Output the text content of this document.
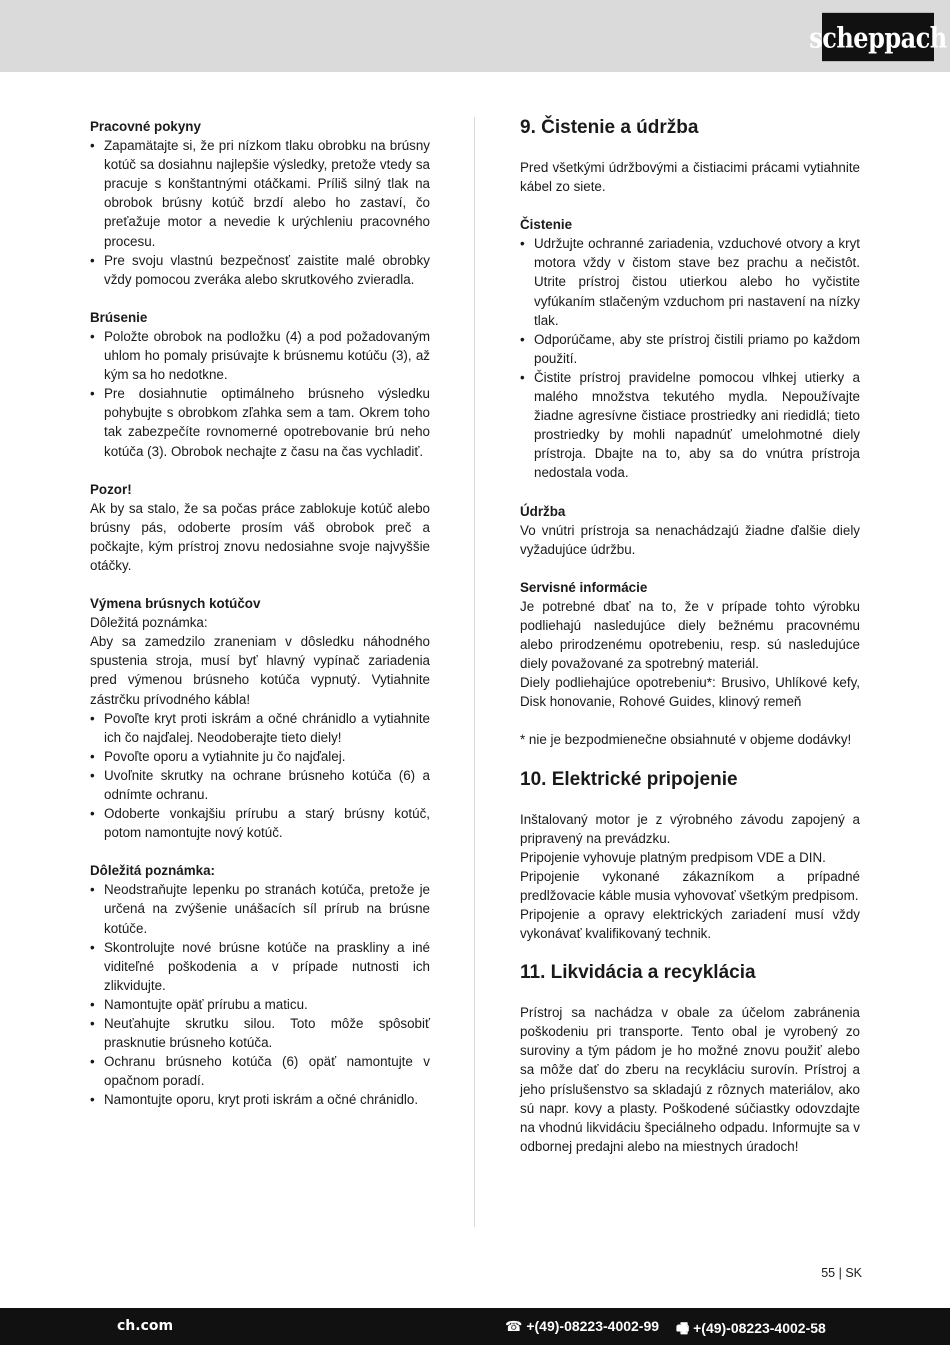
scheppach
Pracovné pokyny
• Zapamätajte si, že pri nízkom tlaku obrobku na brúsny kotúč sa dosiahnu najlepšie výsledky, pretože vtedy sa pracuje s konštantnými otáčkami. Príliš silný tlak na obrobok brúsny kotúč brzdí alebo ho zastaví, čo preťažuje motor a nevedie k urýchleniu pracovného procesu.
• Pre svoju vlastnú bezpečnosť zaistite malé obrobky vždy pomocou zveráka alebo skrutkového zvieradla.
Brúsenie
• Položte obrobok na podložku (4) a pod požadovaným uhlom ho pomaly prisúvajte k brúsnemu kotúču (3), až kým sa ho nedotkne.
• Pre dosiahnutie optimálneho brúsneho výsledku pohybujte s obrobkom zľahka sem a tam. Okrem toho tak zabezpečíte rovnomerné opotrebovanie brú neho kotúča (3). Obrobok nechajte z času na čas vychladiť.
Pozor!

Ak by sa stalo, že sa počas práce zablokuje kotúč alebo brúsny pás, odoberte prosím váš obrobok preč a počkajte, kým prístroj znovu nedosiahne svoje najvyššie otáčky.

Výmena brúsnych kotúčov

Dôležitá poznámka:

Aby sa zamedzilo zraneniam v dôsledku náhodného spustenia stroja, musí byť hlavný vypínač zariadenia pred výmenou brúsneho kotúča vypnutý. Vytiahnite zástrčku prívodného kábla!

• Povoľte kryt proti iskrám a očné chránidlo a vytiahnite ich čo najďalej. Neodoberajte tieto diely!
• Povoľte oporu a vytiahnite ju čo najďalej.
• Uvoľnite skrutky na ochrane brúsneho kotúča (6) a odnímte ochranu.
• Odoberte vonkajšiu prírubu a starý brúsny kotúč, potom namontujte nový kotúč.
Dôležitá poznámka:
• Neodstraňujte lepenku po stranách kotúča, pretože je určená na zvýšenie unášacích síl prírub na brúsne kotúče.
• Skontrolujte nové brúsne kotúče na praskliny a iné viditeľné poškodenia a v prípade nutnosti ich zlikvidujte.
• Namontujte opäť prírubu a maticu.
• Neuťahujte skrutku silou. Toto môže spôsobiť prasknutie brúsneho kotúča.
• Ochranu brúsneho kotúča (6) opäť namontujte v opačnom poradí.
• Namontujte oporu, kryt proti iskrám a očné chránidlo.
9. Čistenie a údržba

Pred všetkými údržbovými a čistiacimi prácami vytiahnite kábel zo siete.

Čistenie
• Udržujte ochranné zariadenia, vzduchové otvory a kryt motora vždy v čistom stave bez prachu a nečistôt. Utrite prístroj čistou utierkou alebo ho vyčistite vyfúkaním stlačeným vzduchom pri nastavení na nízky tlak.
• Odporúčame, aby ste prístroj čistili priamo po každom použití.
• Čistite prístroj pravidelne pomocou vlhkej utierky a malého množstva tekutého mydla. Nepoužívajte žiadne agresívne čistiace prostriedky ani riedidlá; tieto prostriedky by mohli napadnúť umelohmotné diely prístroja. Dbajte na to, aby sa do vnútra prístroja nedostala voda.
Údržba

Vo vnútri prístroja sa nenachádzajú žiadne ďalšie diely vyžadujúce údržbu.

Servisné informácie

Je potrebné dbať na to, že v prípade tohto výrobku podliehajú nasledujúce diely bežnému pracovnému alebo prirodzenému opotrebeniu, resp. sú nasledujúce diely považované za spotrebný materiál.

Diely podliehajúce opotrebeniu*: Brusivo, Uhlíkové kefy, Disk honovanie, Rohové Guides, klinový remeň

* nie je bezpodmienečne obsiahnuté v objeme dodávky!

10. Elektrické pripojenie

Inštalovaný motor je z výrobného závodu zapojený a pripravený na prevádzku.

Pripojenie vyhovuje platným predpisom VDE a DIN.

Pripojenie vykonané zákazníkom a prípadné predlžovacie káble musia vyhovovať všetkým predpisom.

Pripojenie a opravy elektrických zariadení musí vždy vykonávať kvalifikovaný technik.

11. Likvidácia a recyklácia

Prístroj sa nachádza v obale za účelom zabránenia poškodeniu pri transporte. Tento obal je vyrobený zo suroviny a tým pádom je ho možné znovu použiť alebo sa môže dať do zberu na recykláciu surovín. Prístroj a jeho príslušenstvo sa skladajú z rôznych materiálov, ako sú napr. kovy a plasty. Poškodené súčiastky odovzdajte na vhodnú likvidáciu špeciálneho odpadu. Informujte sa v odbornej predajni alebo na miestnych úradoch!

55 | SK
ch.com	☎ +(49)-08223-4002-99 🖷 +(49)-08223-4002-58
